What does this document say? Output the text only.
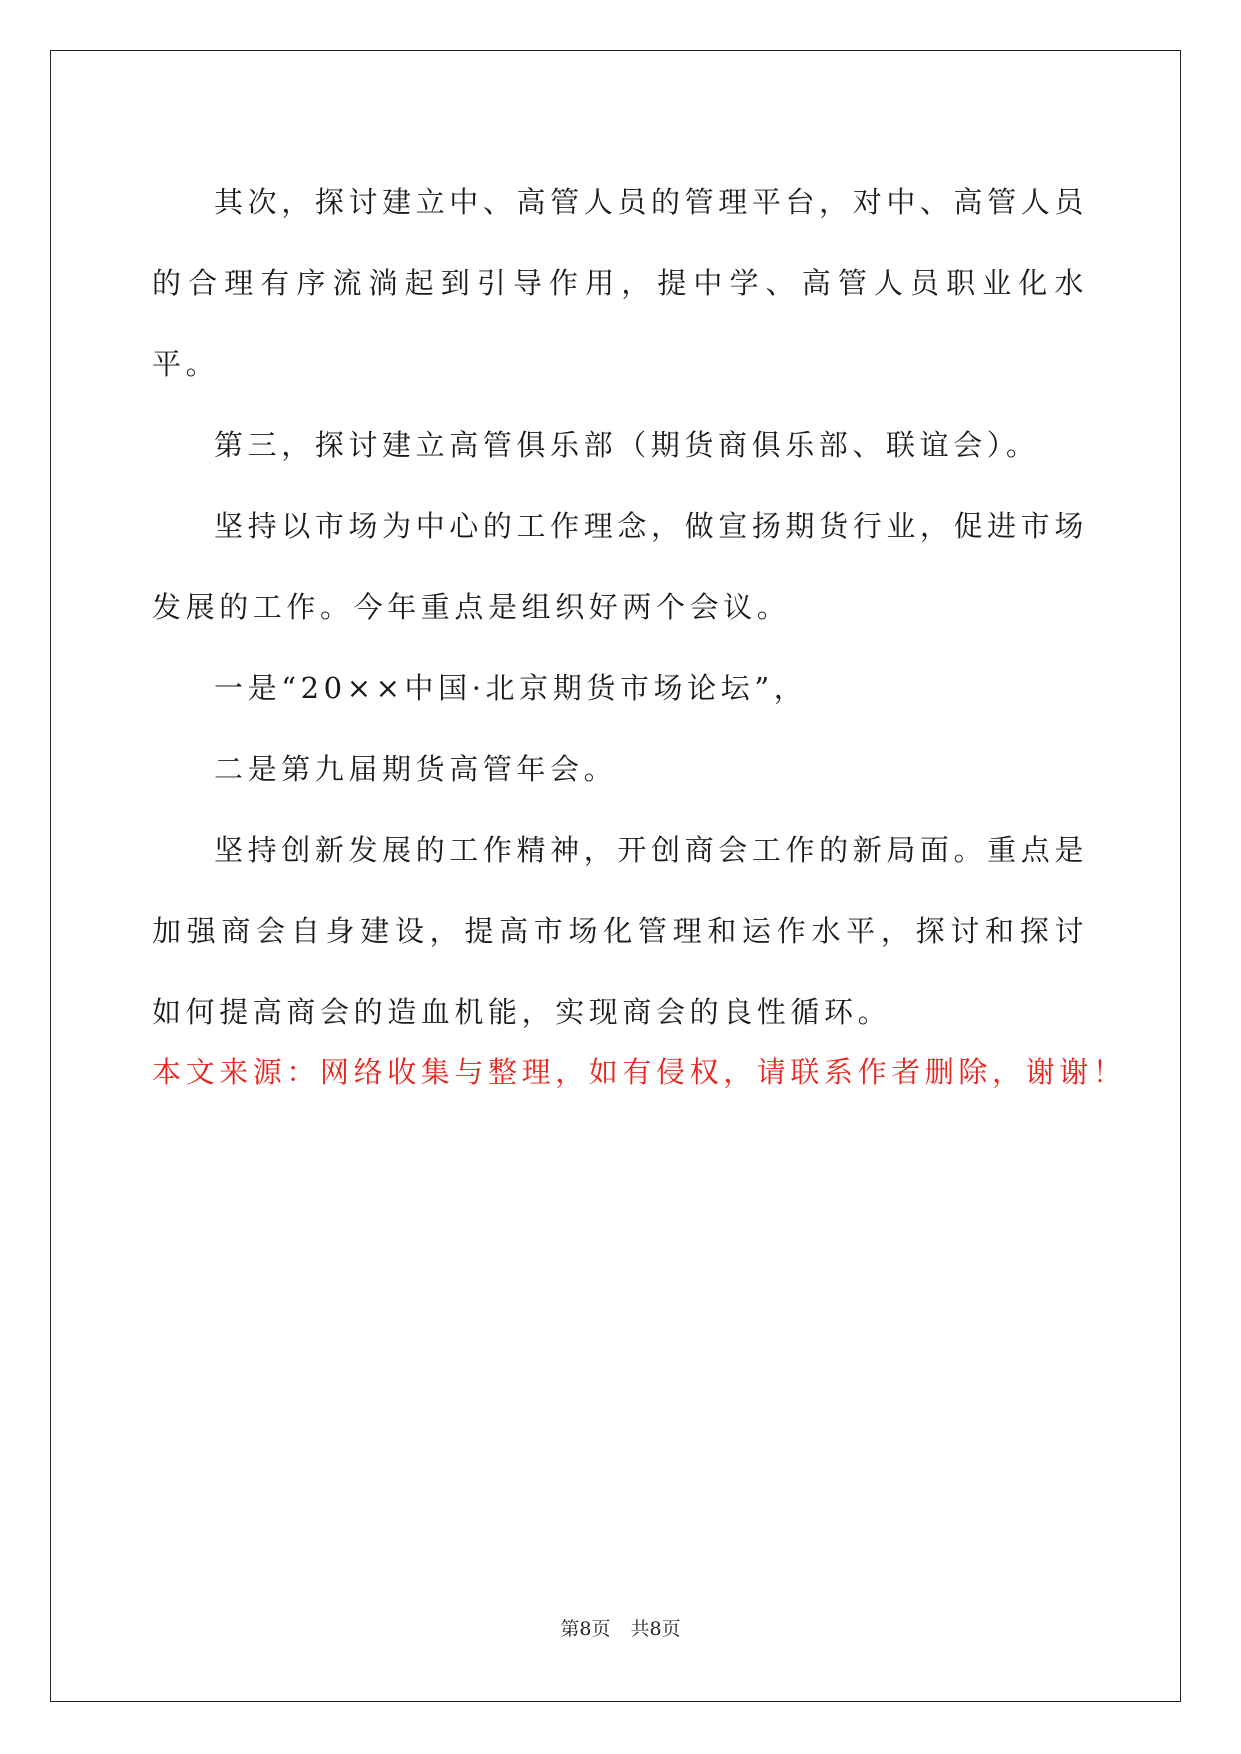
其次，探讨建立中、高管人员的管理平台，对中、高管人员的合理有序流淌起到引导作用，提中学、高管人员职业化水平。

第三，探讨建立高管俱乐部（期货商俱乐部、联谊会）。

坚持以市场为中心的工作理念，做宣扬期货行业，促进市场发展的工作。今年重点是组织好两个会议。

一是“20××中国·北京期货市场论坛”，

二是第九届期货高管年会。

坚持创新发展的工作精神，开创商会工作的新局面。重点是加强商会自身建设，提高市场化管理和运作水平，探讨和探讨如何提高商会的造血机能，实现商会的良性循环。

本文来源：网络收集与整理，如有侵权，请联系作者删除，谢谢！

第8页 共8页
